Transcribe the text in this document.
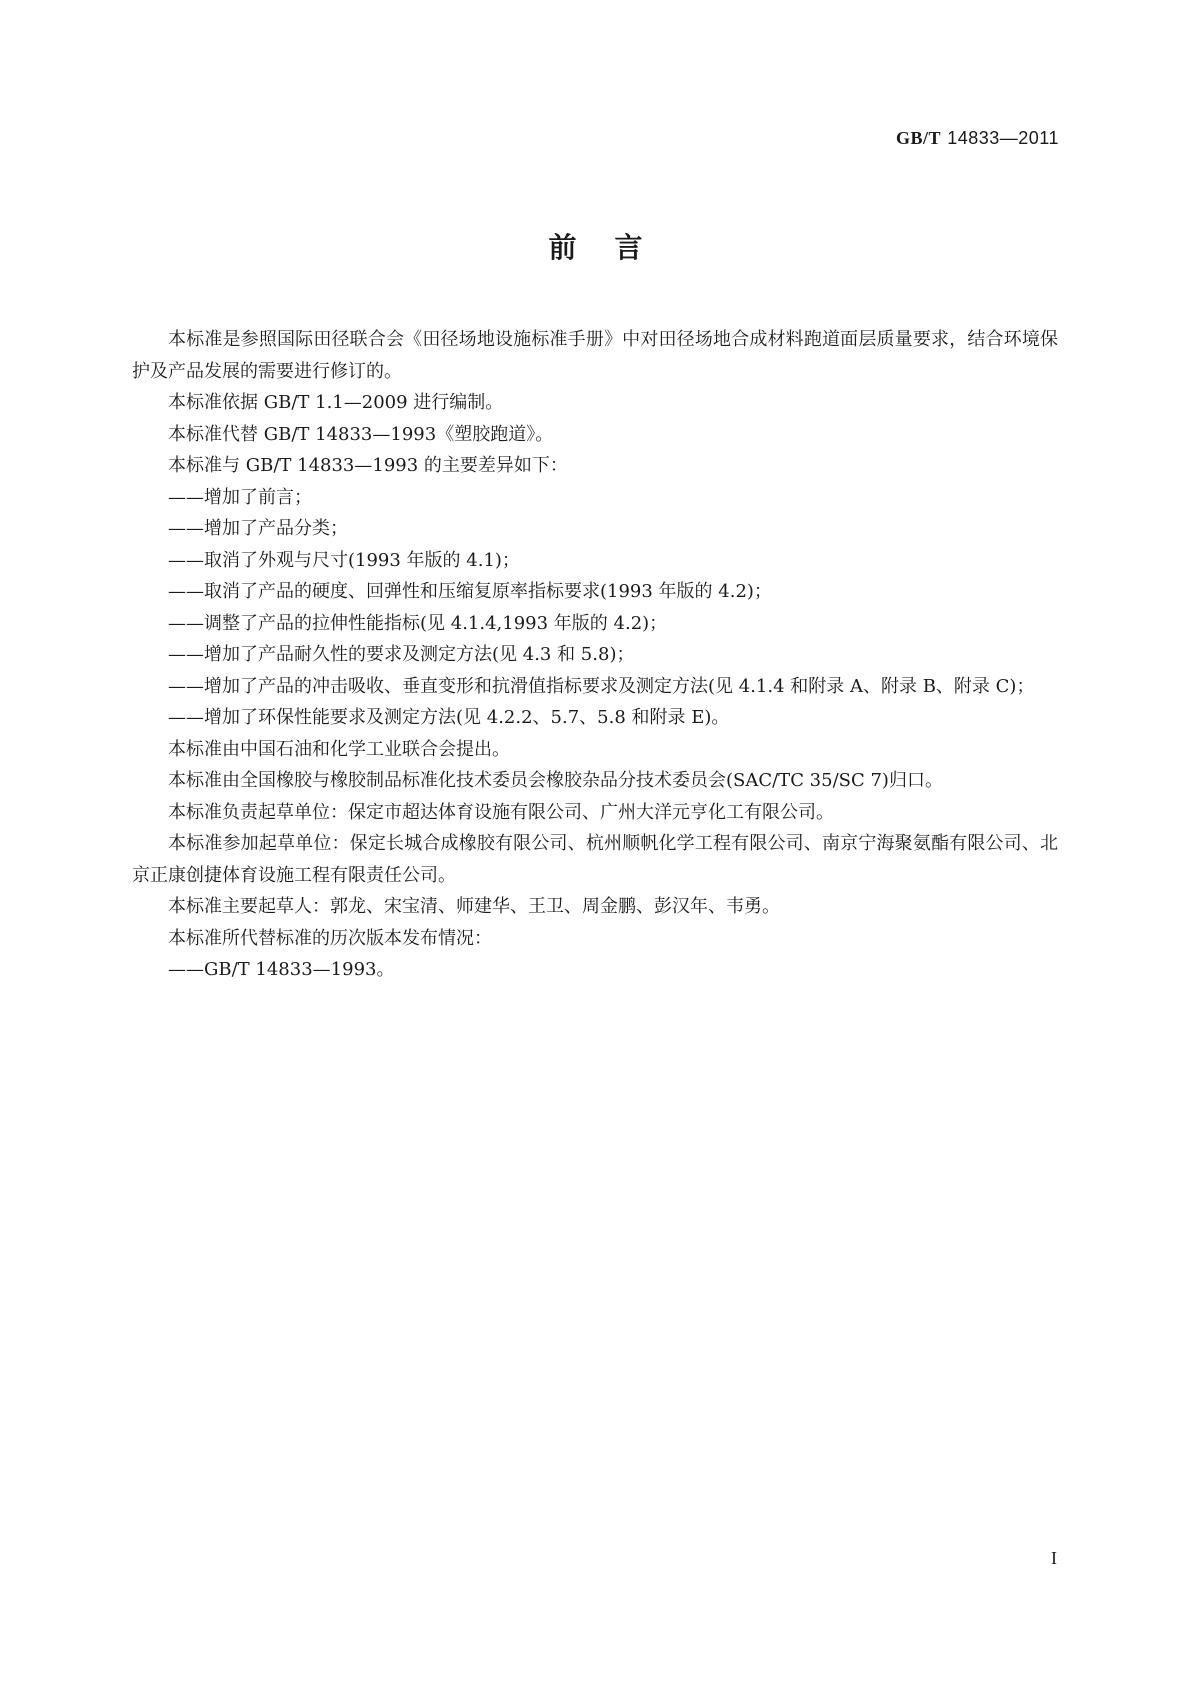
GB/T 14833—2011
前言

本标准是参照国际田径联合会《田径场地设施标准手册》中对田径场地合成材料跑道面层质量要求，结合环境保护及产品发展的需要进行修订的。

本标准依据 GB/T 1.1—2009 进行编制。

本标准代替 GB/T 14833—1993《塑胶跑道》。

本标准与 GB/T 14833—1993 的主要差异如下：

——增加了前言；

——增加了产品分类；

——取消了外观与尺寸(1993 年版的 4.1)；

——取消了产品的硬度、回弹性和压缩复原率指标要求(1993 年版的 4.2)；

——调整了产品的拉伸性能指标(见 4.1.4,1993 年版的 4.2)；

——增加了产品耐久性的要求及测定方法(见 4.3 和 5.8)；

——增加了产品的冲击吸收、垂直变形和抗滑值指标要求及测定方法(见 4.1.4 和附录 A、附录 B、附录 C)；

——增加了环保性能要求及测定方法(见 4.2.2、5.7、5.8 和附录 E)。

本标准由中国石油和化学工业联合会提出。

本标准由全国橡胶与橡胶制品标准化技术委员会橡胶杂品分技术委员会(SAC/TC 35/SC 7)归口。

本标准负责起草单位：保定市超达体育设施有限公司、广州大洋元亨化工有限公司。

本标准参加起草单位：保定长城合成橡胶有限公司、杭州顺帆化学工程有限公司、南京宁海聚氨酯有限公司、北京正康创捷体育设施工程有限责任公司。

本标准主要起草人：郭龙、宋宝清、师建华、王卫、周金鹏、彭汉年、韦勇。

本标准所代替标准的历次版本发布情况：

——GB/T 14833—1993。

I
